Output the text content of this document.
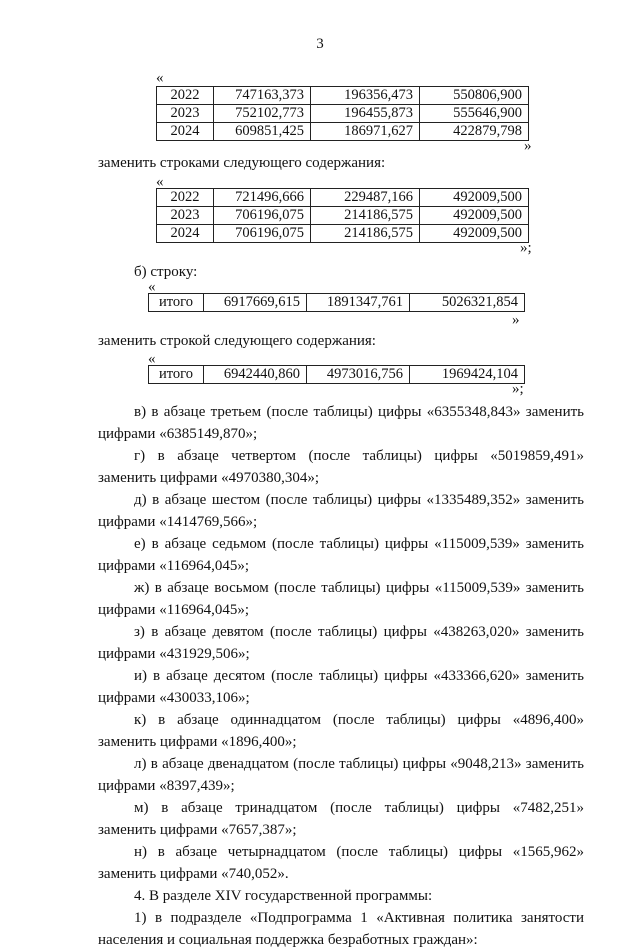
3
«
2022	747163,373	196356,473	550806,900
2023	752102,773	196455,873	555646,900
2024	609851,425	186971,627	422879,798
»
заменить строками следующего содержания:
«
2022	721496,666	229487,166	492009,500
2023	706196,075	214186,575	492009,500
2024	706196,075	214186,575	492009,500
»;
б) строку:
«
итого	6917669,615	1891347,761	5026321,854
»
заменить строкой следующего содержания:
«
итого	6942440,860	4973016,756	1969424,104
»;
в) в абзаце третьем (после таблицы) цифры «6355348,843» заменить
цифрами «6385149,870»;
г) в абзаце четвертом (после таблицы) цифры «5019859,491»
заменить цифрами «4970380,304»;
д) в абзаце шестом (после таблицы) цифры «1335489,352» заменить
цифрами «1414769,566»;
е) в абзаце седьмом (после таблицы) цифры «115009,539» заменить
цифрами «116964,045»;
ж) в абзаце восьмом (после таблицы) цифры «115009,539» заменить
цифрами «116964,045»;
з) в абзаце девятом (после таблицы) цифры «438263,020» заменить
цифрами «431929,506»;
и) в абзаце десятом (после таблицы) цифры «433366,620» заменить
цифрами «430033,106»;
к) в абзаце одиннадцатом (после таблицы) цифры «4896,400»
заменить цифрами «1896,400»;
л) в абзаце двенадцатом (после таблицы) цифры «9048,213» заменить
цифрами «8397,439»;
м) в абзаце тринадцатом (после таблицы) цифры «7482,251»
заменить цифрами «7657,387»;
н) в абзаце четырнадцатом (после таблицы) цифры «1565,962»
заменить цифрами «740,052».
4. В разделе XIV государственной программы:
1) в подразделе «Подпрограмма 1 «Активная политика занятости
населения и социальная поддержка безработных граждан»:
